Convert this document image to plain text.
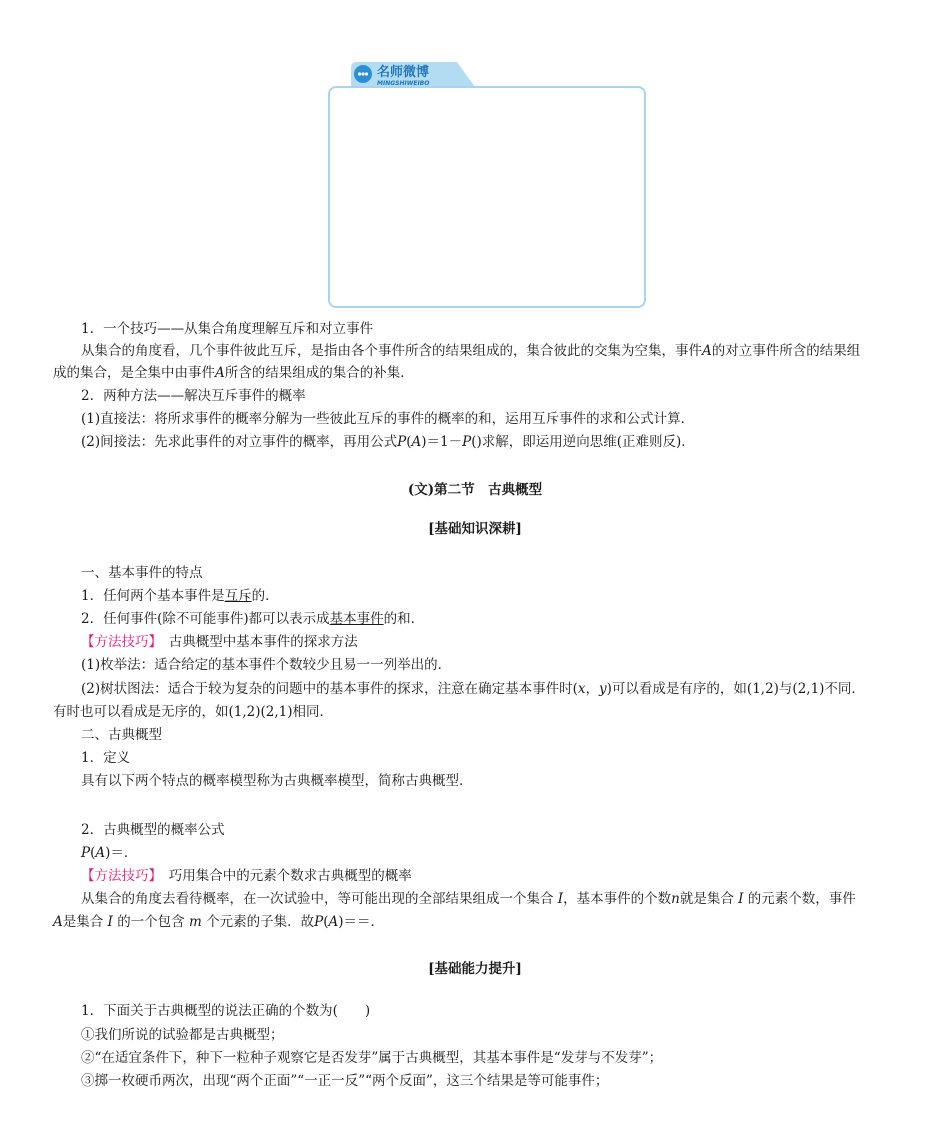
名师微博
MINGSHIWEIBO
1．一个技巧——从集合角度理解互斥和对立事件
从集合的角度看，几个事件彼此互斥，是指由各个事件所含的结果组成的，集合彼此的交集为空集，事件A的对立事件所含的结果组
成的集合，是全集中由事件A所含的结果组成的集合的补集．
2．两种方法——解决互斥事件的概率
(1)直接法：将所求事件的概率分解为一些彼此互斥的事件的概率的和，运用互斥事件的求和公式计算．
(2)间接法：先求此事件的对立事件的概率，再用公式P(A)＝1－P()求解，即运用逆向思维(正难则反)．
(文)第二节　古典概型
[基础知识深耕]
一、基本事件的特点
1．任何两个基本事件是互斥的．
2．任何事件(除不可能事件)都可以表示成基本事件的和．
【方法技巧】　古典概型中基本事件的探求方法
(1)枚举法：适合给定的基本事件个数较少且易一一列举出的．
(2)树状图法：适合于较为复杂的问题中的基本事件的探求，注意在确定基本事件时(x，y)可以看成是有序的，如(1,2)与(2,1)不同．
有时也可以看成是无序的，如(1,2)(2,1)相同．
二、古典概型
1．定义
具有以下两个特点的概率模型称为古典概率模型，简称古典概型．
2．古典概型的概率公式
P(A)＝．
【方法技巧】　巧用集合中的元素个数求古典概型的概率
从集合的角度去看待概率，在一次试验中，等可能出现的全部结果组成一个集合 I，基本事件的个数n就是集合 I 的元素个数，事件
A是集合 I 的一个包含 m 个元素的子集．故P(A)＝＝．
[基础能力提升]
1．下面关于古典概型的说法正确的个数为(　　)
①我们所说的试验都是古典概型；
②“在适宜条件下，种下一粒种子观察它是否发芽”属于古典概型，其基本事件是“发芽与不发芽”；
③掷一枚硬币两次，出现“两个正面”“一正一反”“两个反面”，这三个结果是等可能事件；
